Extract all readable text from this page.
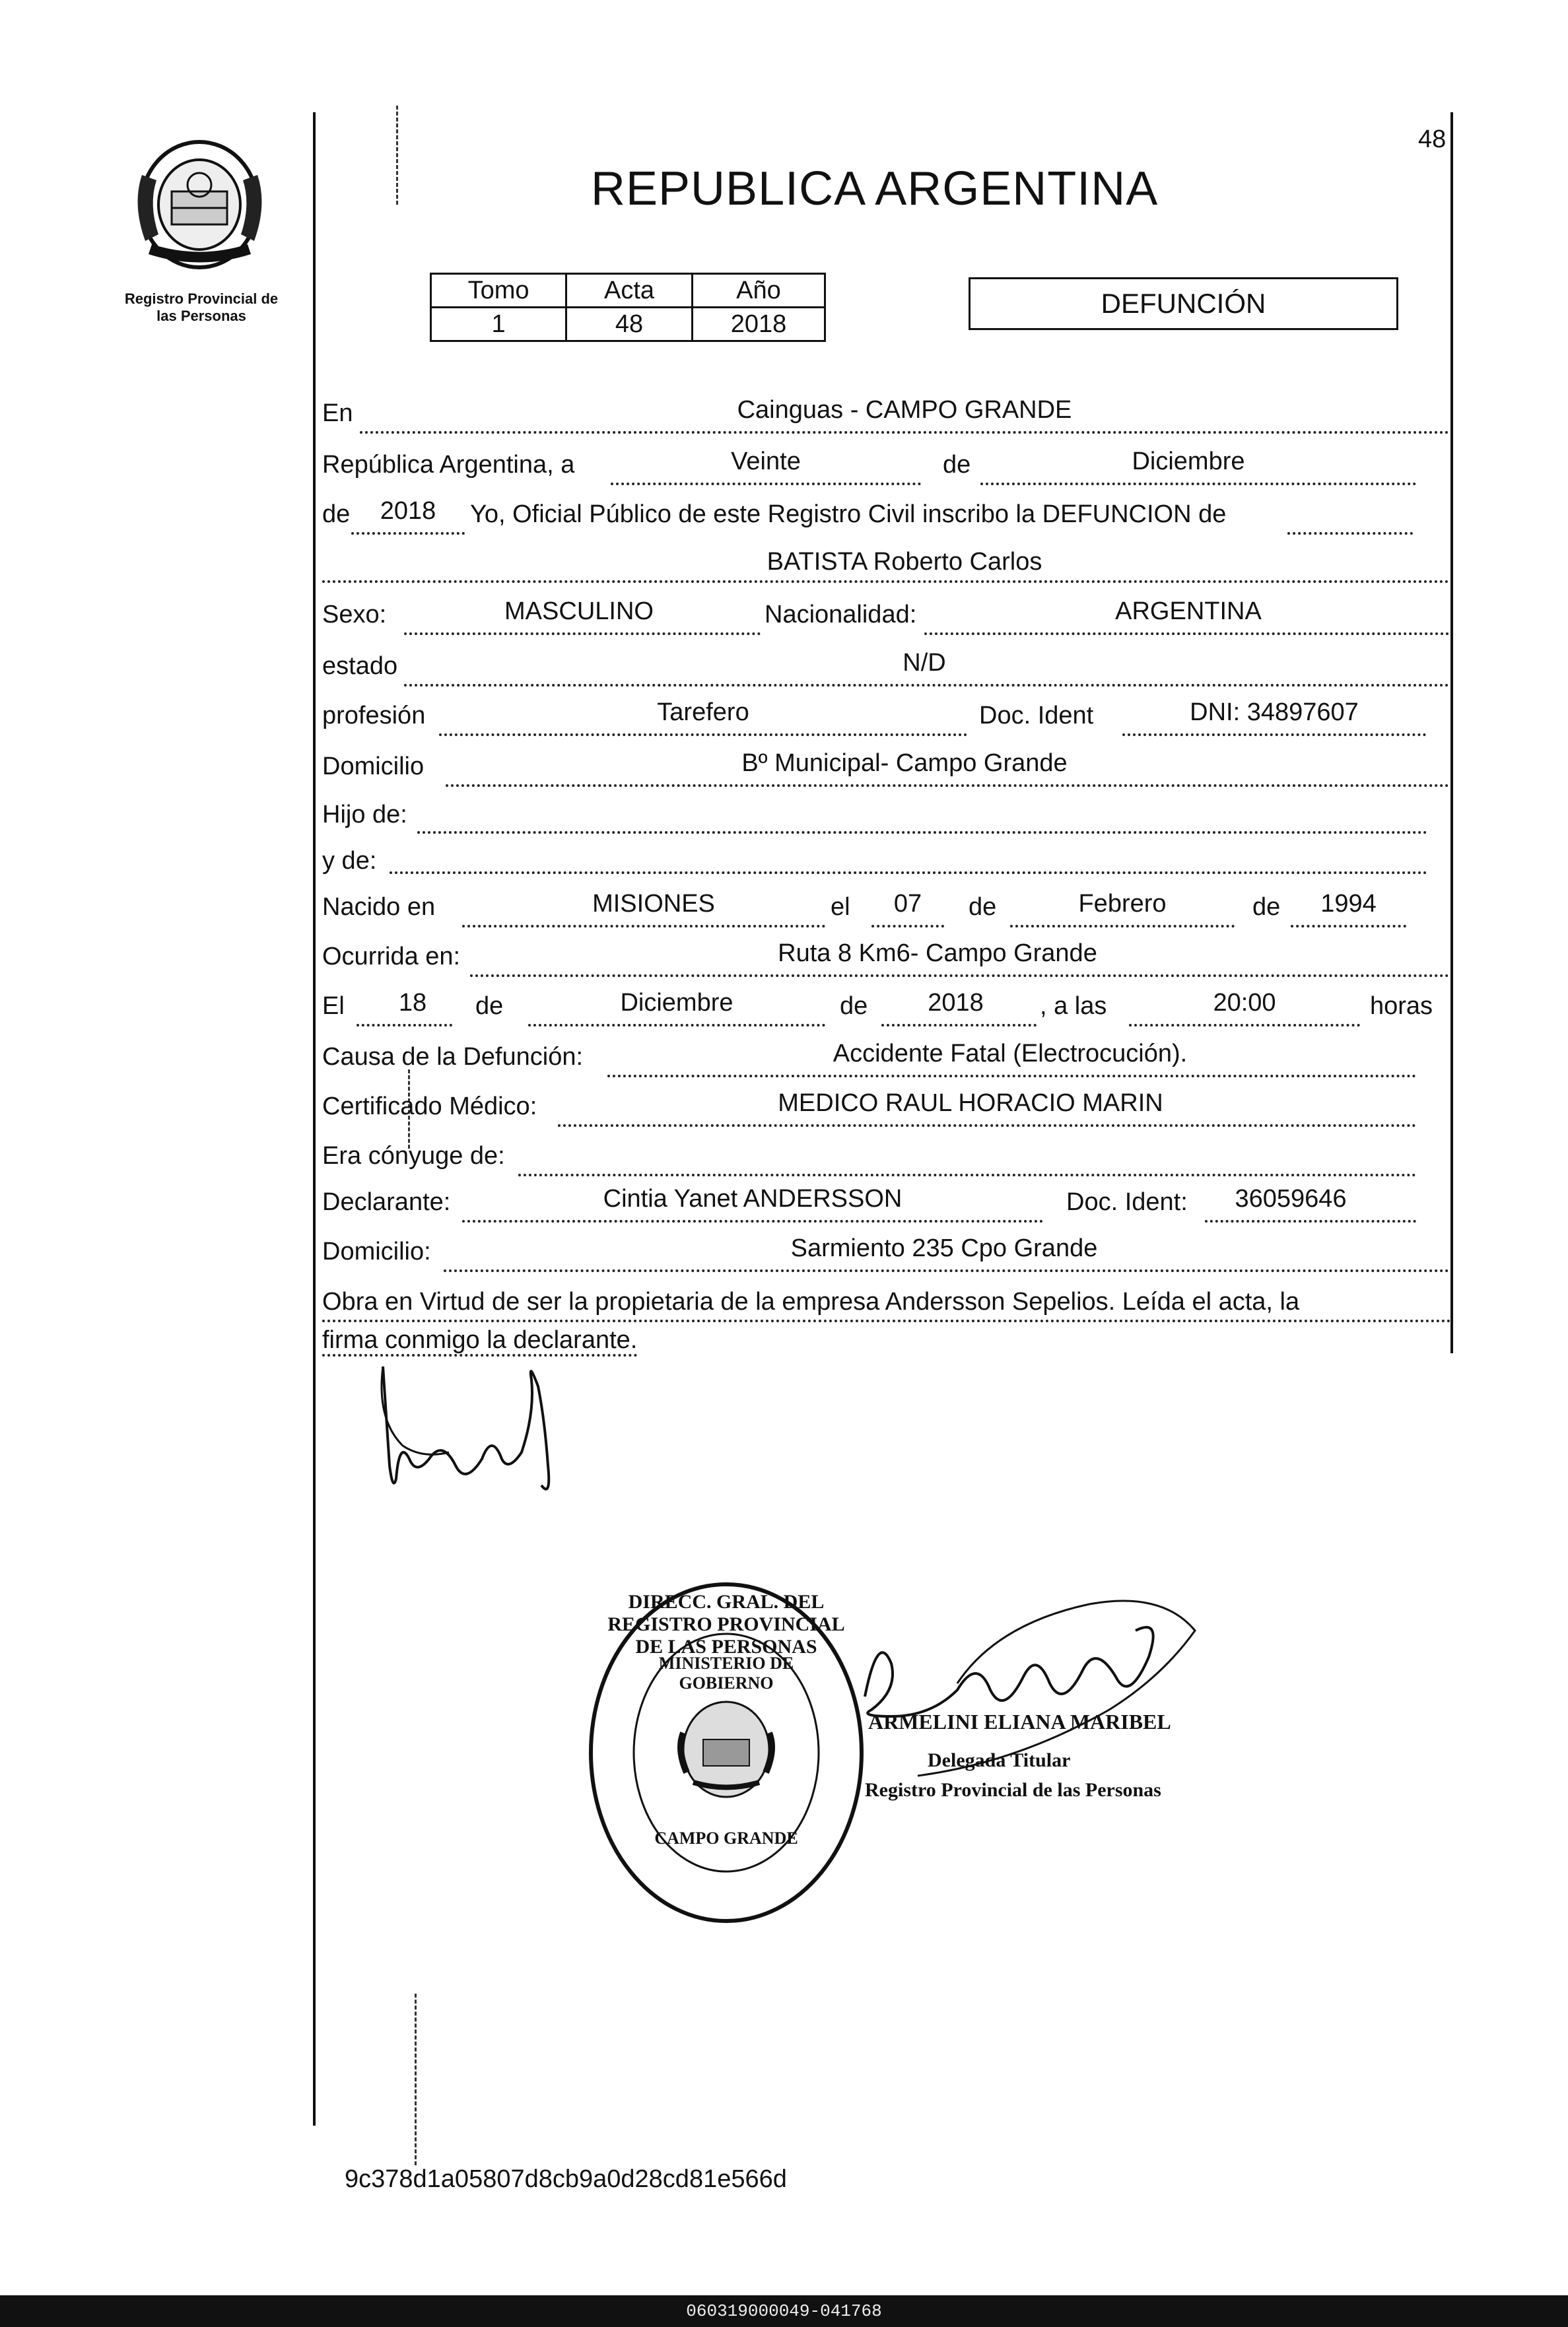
Registro Provincial de
las Personas
48
REPUBLICA ARGENTINA
Tomo	Acta	Año
1	48	2018
DEFUNCIÓN
En	Cainguas - CAMPO GRANDE
República Argentina, a	Veinte	de	Diciembre
de	2018	Yo, Oficial Público de este Registro Civil inscribo la DEFUNCION de
BATISTA Roberto Carlos
Sexo:	MASCULINO	Nacionalidad:	ARGENTINA
estado	N/D
profesión	Tarefero	Doc. Ident	DNI: 34897607
Domicilio	Bº Municipal- Campo Grande
Hijo de:
y de:
Nacido en	MISIONES	el	07	de	Febrero	de	1994
Ocurrida en:	Ruta 8 Km6- Campo Grande
El	18	de	Diciembre	de	2018	, a las	20:00	horas
Causa de la Defunción:	Accidente Fatal (Electrocución).
Certificado Médico:	MEDICO RAUL HORACIO MARIN
Era cónyuge de:
Declarante:	Cintia Yanet ANDERSSON	Doc. Ident:	36059646
Domicilio:	Sarmiento 235 Cpo Grande
Obra en Virtud de ser la propietaria de la empresa Andersson Sepelios. Leída el acta, la
firma conmigo la declarante.
DIRECC. GRAL. DEL REGISTRO PROVINCIAL DE LAS PERSONAS
MINISTERIO DE GOBIERNO
CAMPO GRANDE
ARMELINI ELIANA MARIBEL
Delegada Titular
Registro Provincial de las Personas
9c378d1a05807d8cb9a0d28cd81e566d
060319000049-041768
